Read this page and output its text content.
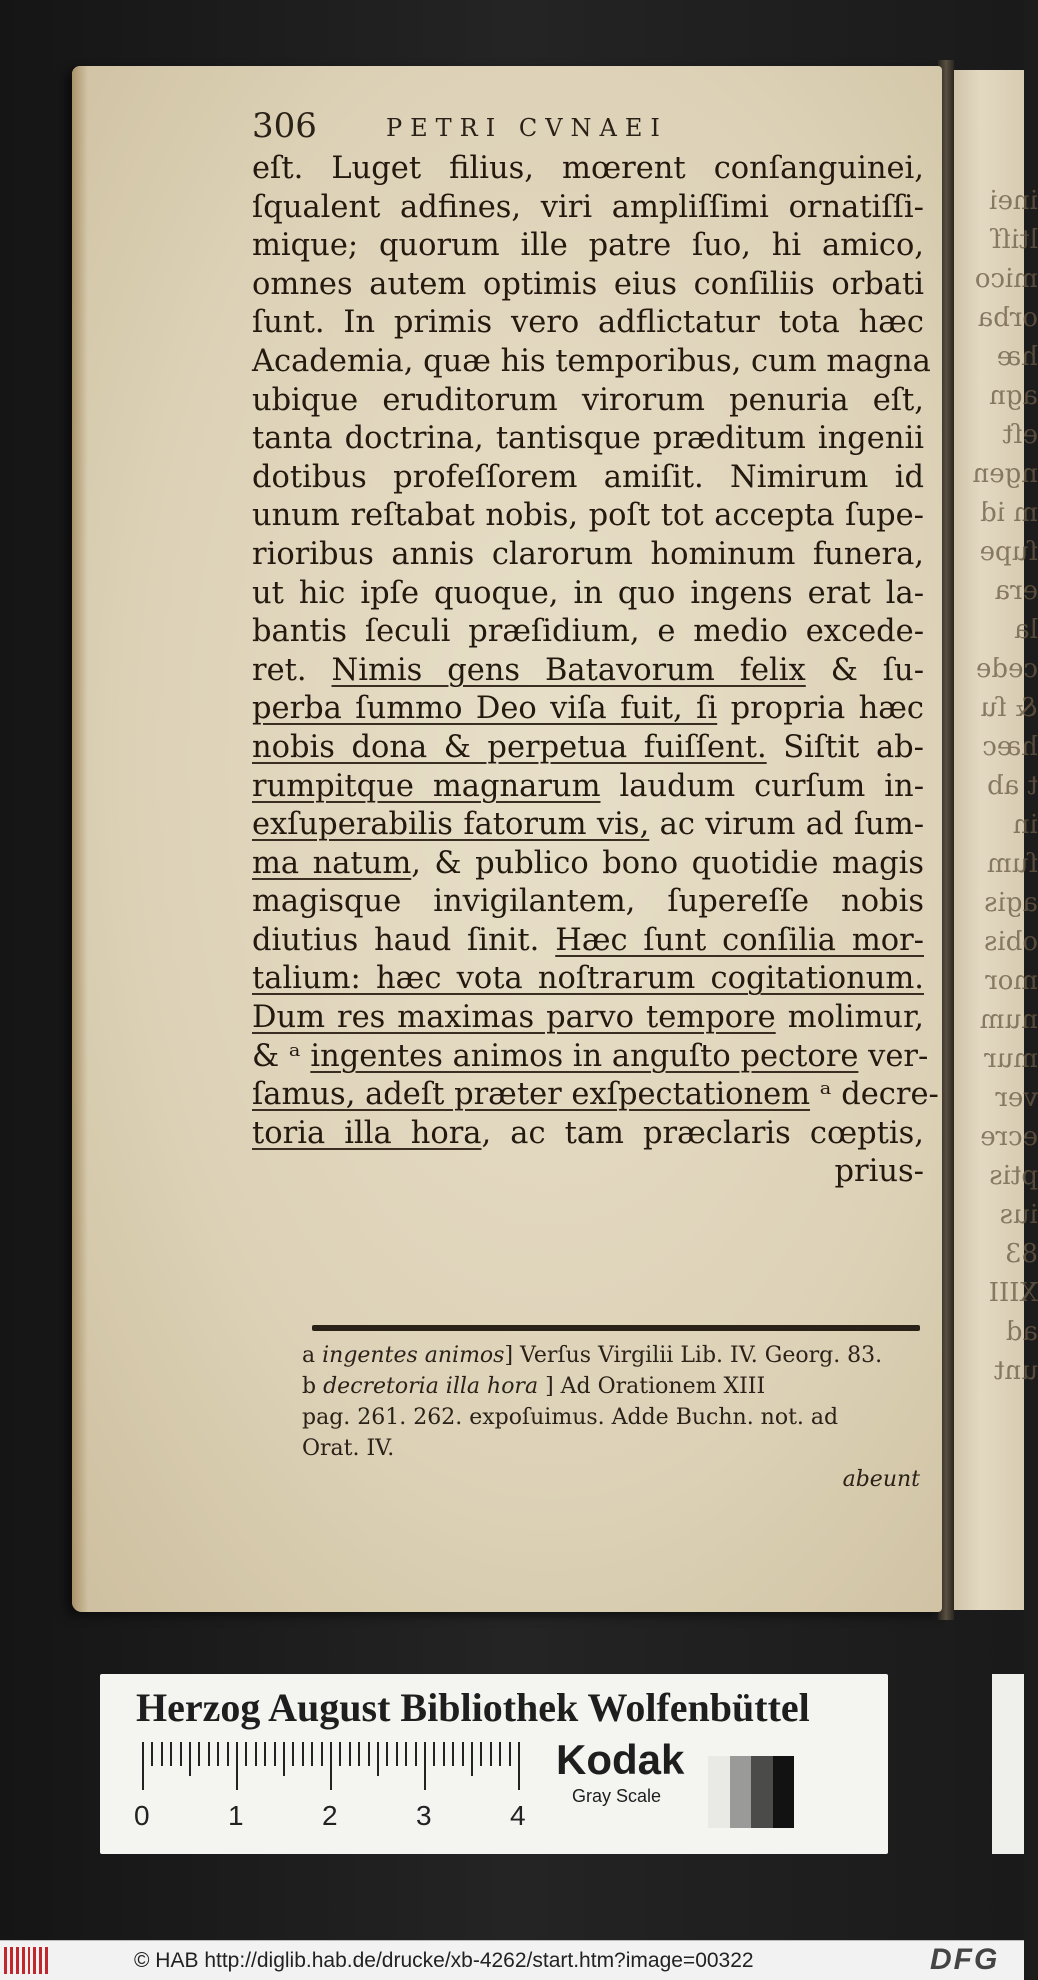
inei
ltiſſ
mico
orba
hæ
agn
eſt
ngen
m id
ſupe
era
la
cede
& ſu
hæc
t ab
in
ſum
agis
obis
mor
num
mur
ver
ecre
ptis
ius
83
XIII
ad
unt
306	PETRI CVNAEI
eſt. Luget filius, mœrent conſanguinei,
ſqualent adfines, viri ampliſſimi ornatiſſi-
mique; quorum ille patre ſuo, hi amico,
omnes autem optimis eius conſiliis orbati
ſunt. In primis vero adflictatur tota hæc
Academia, quæ his temporibus, cum magna
ubique eruditorum virorum penuria eſt,
tanta doctrina, tantisque præditum ingenii
dotibus profeſſorem amiſit. Nimirum id
unum reſtabat nobis, poſt tot accepta ſupe-
rioribus annis clarorum hominum funera,
ut hic ipſe quoque, in quo ingens erat la-
bantis ſeculi præſidium, e medio excede-
ret. Nimis gens Batavorum felix & ſu-
perba ſummo Deo viſa fuit, ſi propria hæc
nobis dona & perpetua fuiſſent. Siſtit ab-
rumpitque magnarum laudum curſum in-
exſuperabilis fatorum vis, ac virum ad ſum-
ma natum, & publico bono quotidie magis
magisque invigilantem, ſupereſſe nobis
diutius haud ſinit. Hæc ſunt conſilia mor-
talium: hæc vota noſtrarum cogitationum.
Dum res maximas parvo tempore molimur,
& ᵃ ingentes animos in anguſto pectore ver-
ſamus, adeſt præter exſpectationem ᵃ decre-
toria illa hora, ac tam præclaris cœptis,
prius-
a ingentes animos] Verſus Virgilii Lib. IV. Georg. 83.
b decretoria illa hora ] Ad Orationem XIII
pag. 261. 262. expoſuimus. Adde Buchn. not. ad
Orat. IV.
abeunt
Herzog August Bibliothek Wolfenbüttel
0	1	2	3	4
Kodak
Gray Scale
© HAB http://diglib.hab.de/drucke/xb-4262/start.htm?image=00322	DFG
